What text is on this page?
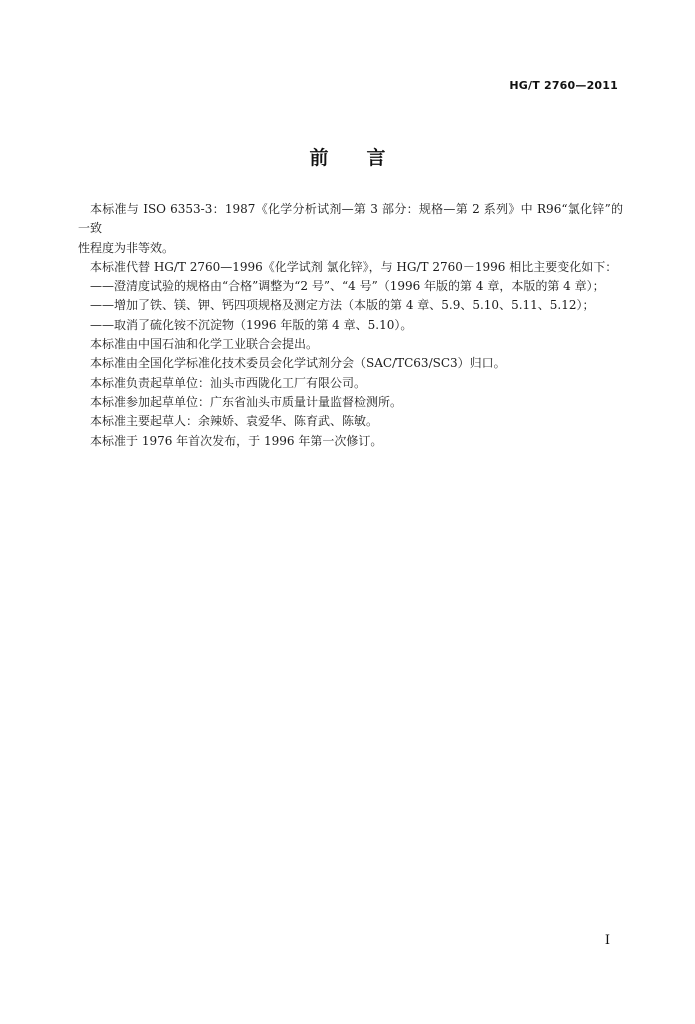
HG/T 2760—2011
前 言

本标准与 ISO 6353-3：1987《化学分析试剂—第 3 部分：规格—第 2 系列》中 R96“氯化锌”的一致
性程度为非等效。

本标准代替 HG/T 2760—1996《化学试剂 氯化锌》，与 HG/T 2760－1996 相比主要变化如下：

——澄清度试验的规格由“合格”调整为“2 号”、“4 号”（1996 年版的第 4 章，本版的第 4 章）；

——增加了铁、镁、钾、钙四项规格及测定方法（本版的第 4 章、5.9、5.10、5.11、5.12）；

——取消了硫化铵不沉淀物（1996 年版的第 4 章、5.10）。

本标准由中国石油和化学工业联合会提出。

本标准由全国化学标准化技术委员会化学试剂分会（SAC/TC63/SC3）归口。

本标准负责起草单位：汕头市西陇化工厂有限公司。

本标准参加起草单位：广东省汕头市质量计量监督检测所。

本标准主要起草人：余辣娇、袁爱华、陈育武、陈敏。

本标准于 1976 年首次发布，于 1996 年第一次修订。

I
